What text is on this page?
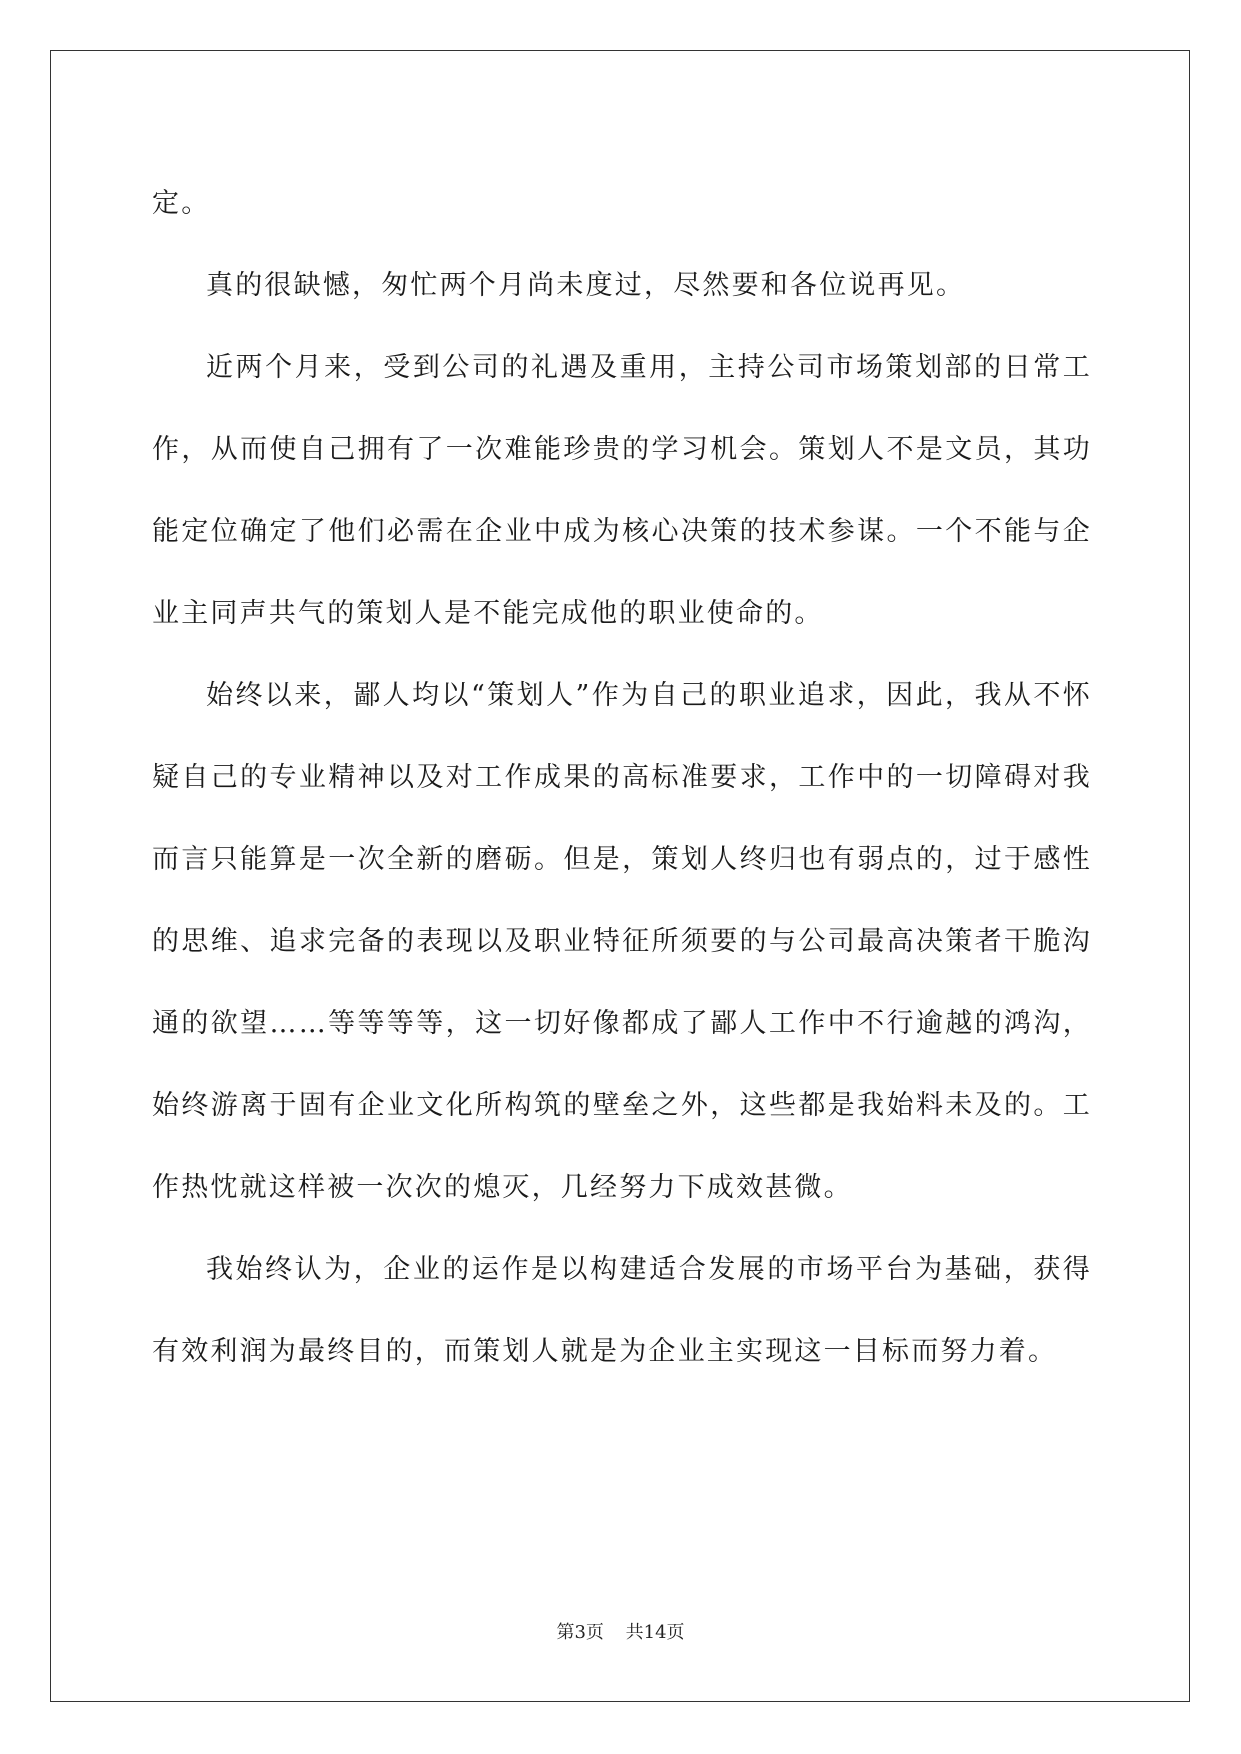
定。

真的很缺憾，匆忙两个月尚未度过，尽然要和各位说再见。

近两个月来，受到公司的礼遇及重用，主持公司市场策划部的日常工作，从而使自己拥有了一次难能珍贵的学习机会。策划人不是文员，其功能定位确定了他们必需在企业中成为核心决策的技术参谋。一个不能与企业主同声共气的策划人是不能完成他的职业使命的。

始终以来，鄙人均以“策划人”作为自己的职业追求，因此，我从不怀疑自己的专业精神以及对工作成果的高标准要求，工作中的一切障碍对我而言只能算是一次全新的磨砺。但是，策划人终归也有弱点的，过于感性的思维、追求完备的表现以及职业特征所须要的与公司最高决策者干脆沟通的欲望……等等等等，这一切好像都成了鄙人工作中不行逾越的鸿沟，始终游离于固有企业文化所构筑的壁垒之外，这些都是我始料未及的。工作热忱就这样被一次次的熄灭，几经努力下成效甚微。

我始终认为，企业的运作是以构建适合发展的市场平台为基础，获得有效利润为最终目的，而策划人就是为企业主实现这一目标而努力着。

第3页 共14页
